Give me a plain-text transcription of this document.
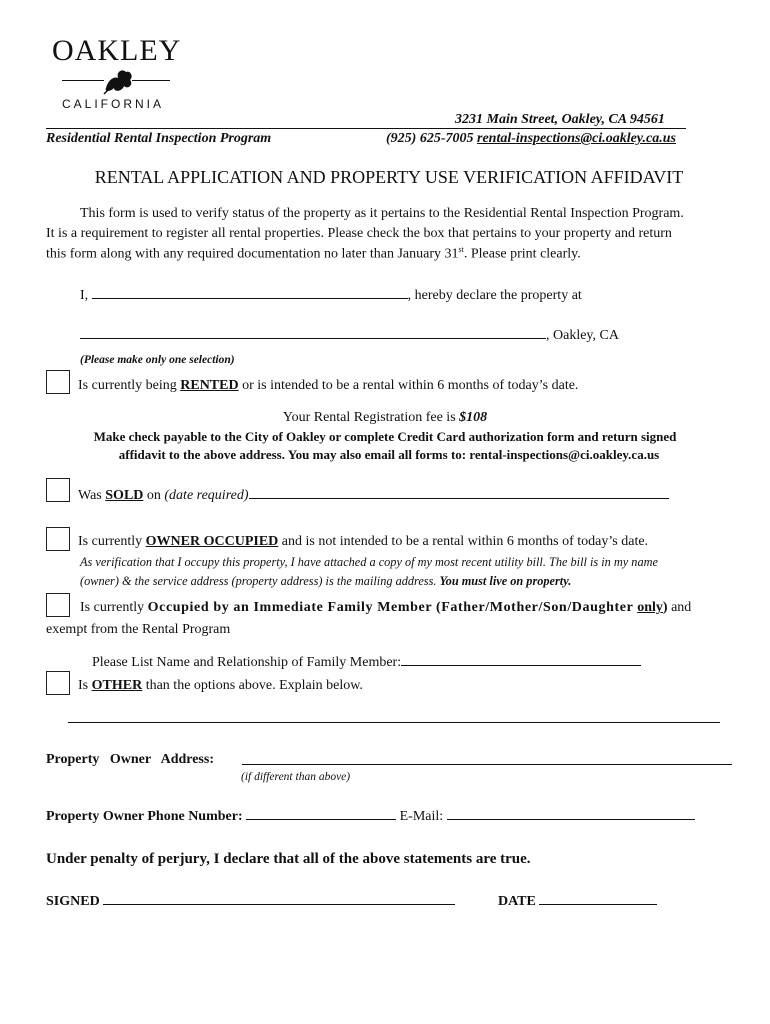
OAKLEY
CALIFORNIA
3231 Main Street, Oakley, CA 94561
Residential Rental Inspection Program	(925) 625-7005 rental-inspections@ci.oakley.ca.us
RENTAL APPLICATION AND PROPERTY USE VERIFICATION AFFIDAVIT
This form is used to verify status of the property as it pertains to the Residential Rental Inspection Program.
It is a requirement to register all rental properties. Please check the box that pertains to your property and return
this form along with any required documentation no later than January 31st. Please print clearly.
I,	, hereby declare the property at
, Oakley, CA
(Please make only one selection)
Is currently being RENTED or is intended to be a rental within 6 months of today’s date.
Your Rental Registration fee is $108
Make check payable to the City of Oakley or complete Credit Card authorization form and return signed
affidavit to the above address. You may also email all forms to: rental-inspections@ci.oakley.ca.us
Was SOLD on (date required)
Is currently OWNER OCCUPIED and is not intended to be a rental within 6 months of today’s date.
As verification that I occupy this property, I have attached a copy of my most recent utility bill. The bill is in my name
(owner) & the service address (property address) is the mailing address. You must live on property.
Is currently Occupied by an Immediate Family Member (Father/Mother/Son/Daughter only) and
exempt from the Rental Program
Please List Name and Relationship of Family Member:
Is OTHER than the options above. Explain below.
Property   Owner   Address:
(if different than above)
Property Owner Phone Number:	E-Mail:
Under penalty of perjury, I declare that all of the above statements are true.
SIGNED	DATE
